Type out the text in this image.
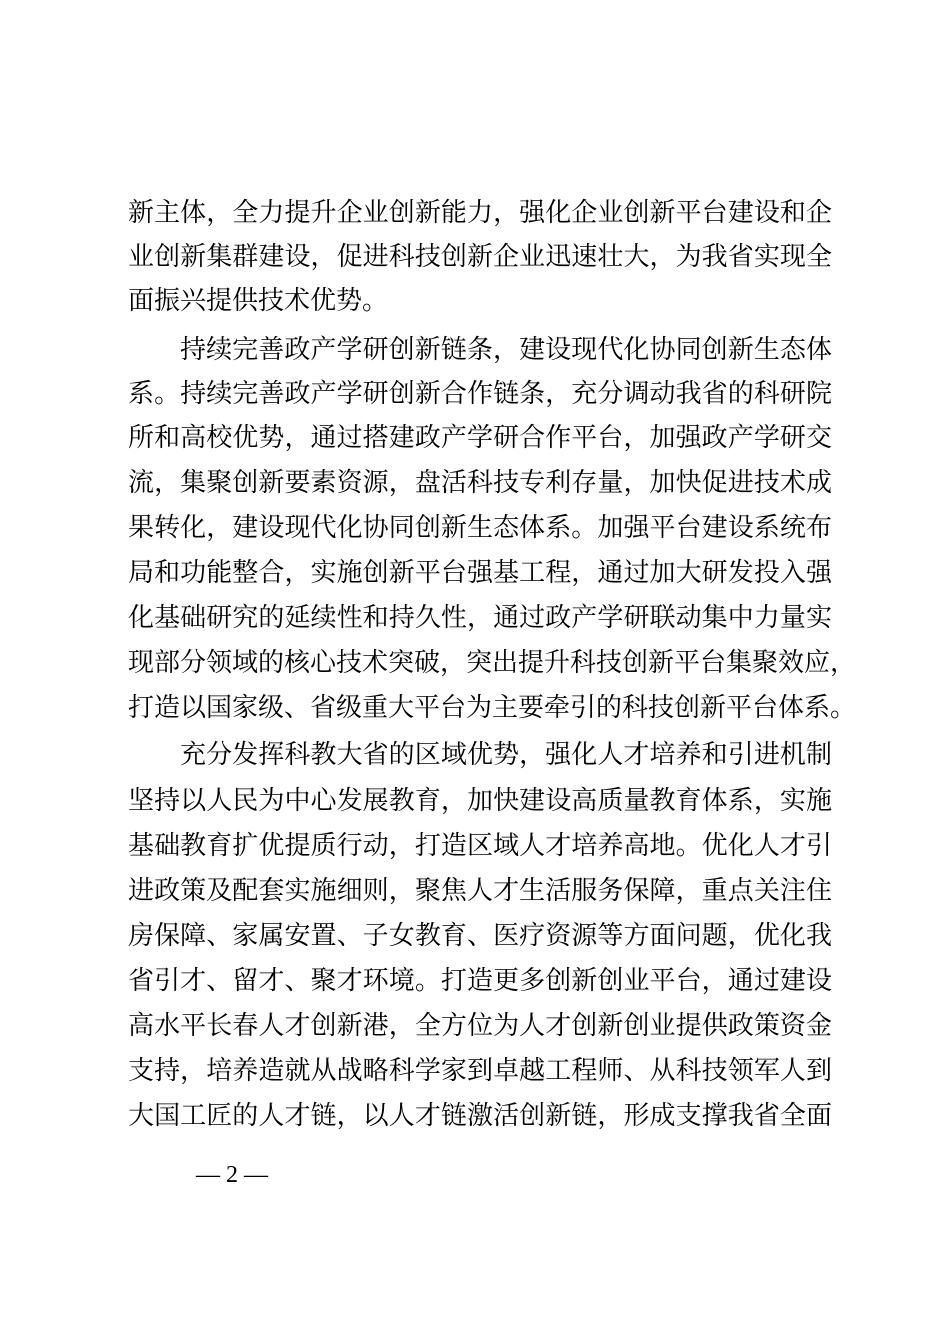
新主体，全力提升企业创新能力，强化企业创新平台建设和企
业创新集群建设，促进科技创新企业迅速壮大，为我省实现全
面振兴提供技术优势。
持续完善政产学研创新链条，建设现代化协同创新生态体
系。持续完善政产学研创新合作链条，充分调动我省的科研院
所和高校优势，通过搭建政产学研合作平台，加强政产学研交
流，集聚创新要素资源，盘活科技专利存量，加快促进技术成
果转化，建设现代化协同创新生态体系。加强平台建设系统布
局和功能整合，实施创新平台强基工程，通过加大研发投入强
化基础研究的延续性和持久性，通过政产学研联动集中力量实
现部分领域的核心技术突破，突出提升科技创新平台集聚效应，
打造以国家级、省级重大平台为主要牵引的科技创新平台体系。
充分发挥科教大省的区域优势，强化人才培养和引进机制
坚持以人民为中心发展教育，加快建设高质量教育体系，实施
基础教育扩优提质行动，打造区域人才培养高地。优化人才引
进政策及配套实施细则，聚焦人才生活服务保障，重点关注住
房保障、家属安置、子女教育、医疗资源等方面问题，优化我
省引才、留才、聚才环境。打造更多创新创业平台，通过建设
高水平长春人才创新港，全方位为人才创新创业提供政策资金
支持，培养造就从战略科学家到卓越工程师、从科技领军人到
大国工匠的人才链，以人才链激活创新链，形成支撑我省全面
— 2 —
